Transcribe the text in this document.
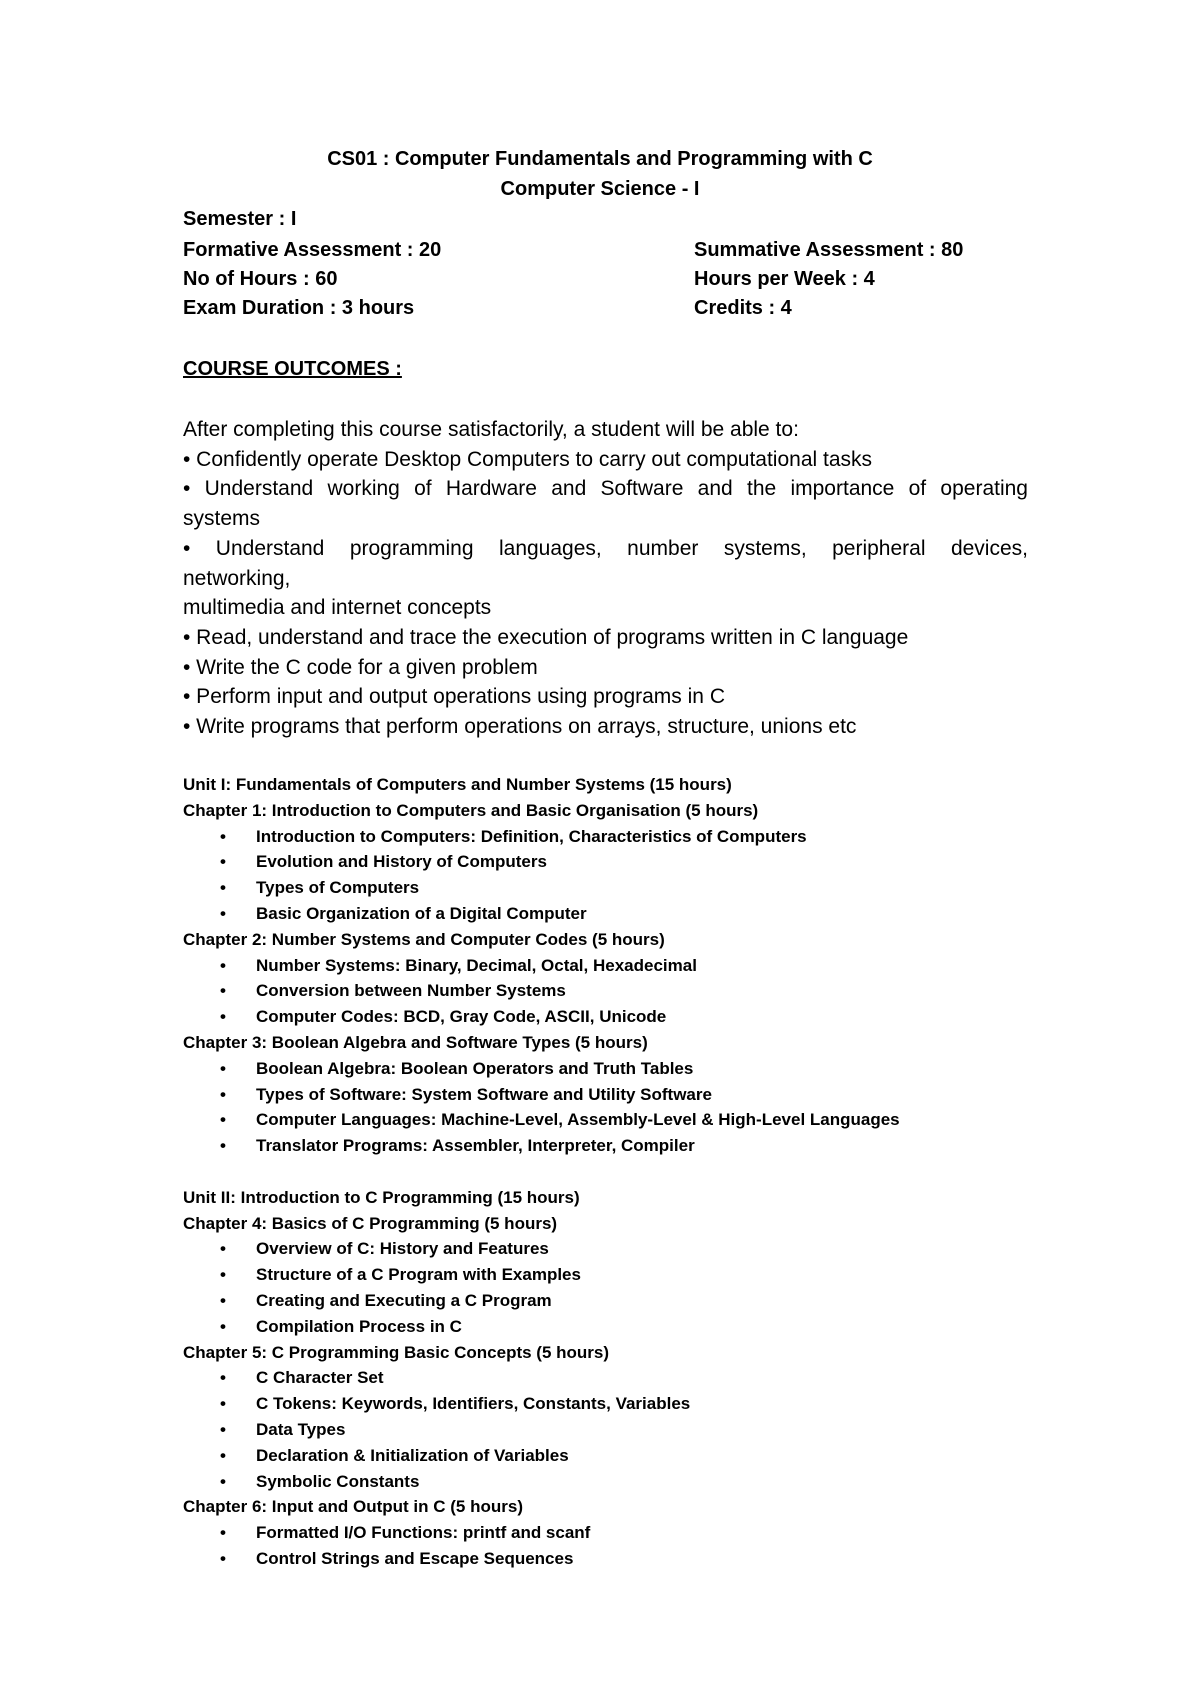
CS01 : Computer Fundamentals and Programming with C
Computer Science - I
Semester : I
Formative Assessment : 20	Summative Assessment : 80
No of Hours : 60	Hours per Week : 4
Exam Duration : 3 hours	Credits : 4
COURSE OUTCOMES :

After completing this course satisfactorily, a student will be able to:

• Confidently operate Desktop Computers to carry out computational tasks

• Understand working of Hardware and Software and the importance of operating

systems

• Understand programming languages, number systems, peripheral devices,

networking,

multimedia and internet concepts

• Read, understand and trace the execution of programs written in C language

• Write the C code for a given problem

• Perform input and output operations using programs in C

• Write programs that perform operations on arrays, structure, unions etc

Unit I: Fundamentals of Computers and Number Systems (15 hours)
Chapter 1: Introduction to Computers and Basic Organisation (5 hours)
• Introduction to Computers: Definition, Characteristics of Computers
• Evolution and History of Computers
• Types of Computers
• Basic Organization of a Digital Computer
Chapter 2: Number Systems and Computer Codes (5 hours)
• Number Systems: Binary, Decimal, Octal, Hexadecimal
• Conversion between Number Systems
• Computer Codes: BCD, Gray Code, ASCII, Unicode
Chapter 3: Boolean Algebra and Software Types (5 hours)
• Boolean Algebra: Boolean Operators and Truth Tables
• Types of Software: System Software and Utility Software
• Computer Languages: Machine-Level, Assembly-Level & High-Level Languages
• Translator Programs: Assembler, Interpreter, Compiler
Unit II: Introduction to C Programming (15 hours)
Chapter 4: Basics of C Programming (5 hours)
• Overview of C: History and Features
• Structure of a C Program with Examples
• Creating and Executing a C Program
• Compilation Process in C
Chapter 5: C Programming Basic Concepts (5 hours)
• C Character Set
• C Tokens: Keywords, Identifiers, Constants, Variables
• Data Types
• Declaration & Initialization of Variables
• Symbolic Constants
Chapter 6: Input and Output in C (5 hours)
• Formatted I/O Functions: printf and scanf
• Control Strings and Escape Sequences
